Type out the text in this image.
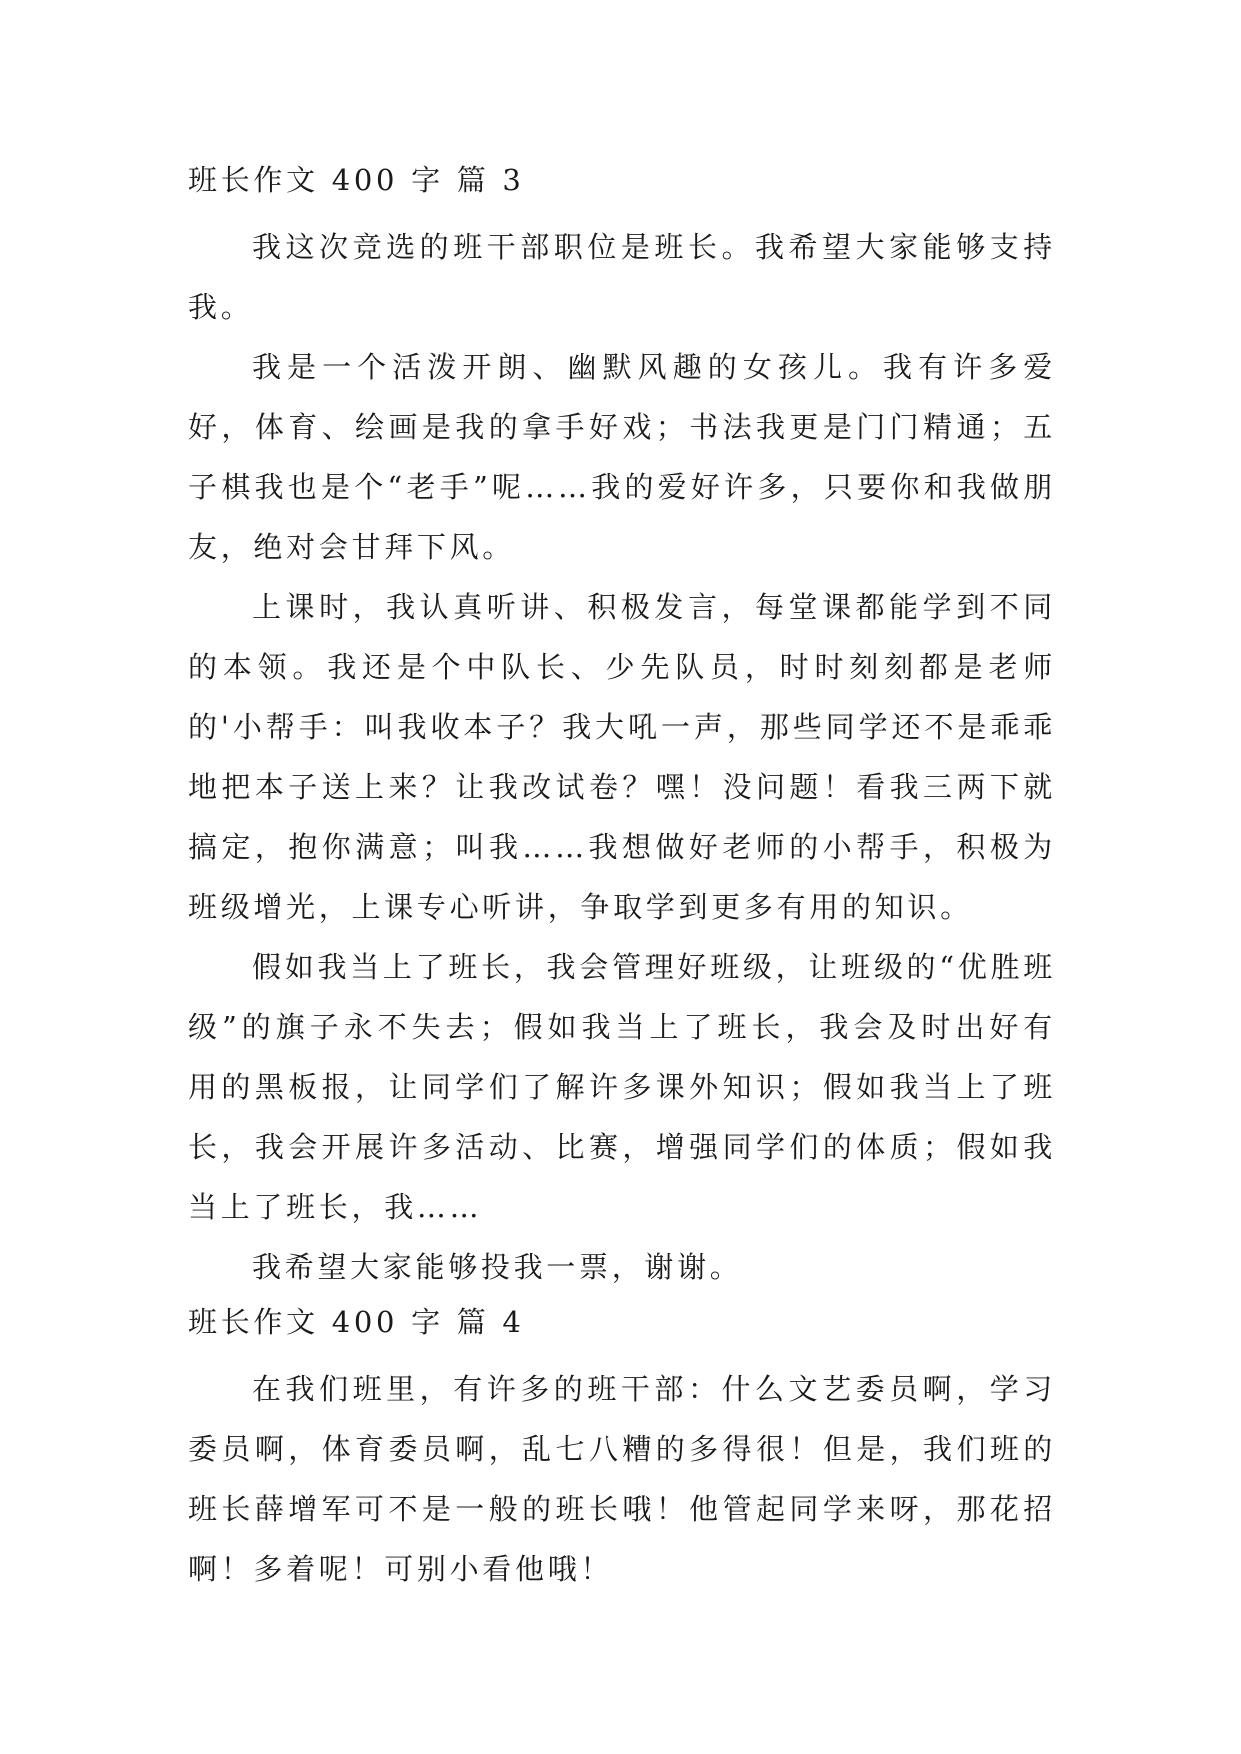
班长作文 400 字 篇 3

我这次竞选的班干部职位是班长。我希望大家能够支持我。

我是一个活泼开朗、幽默风趣的女孩儿。我有许多爱好，体育、绘画是我的拿手好戏；书法我更是门门精通；五子棋我也是个“老手”呢……我的爱好许多，只要你和我做朋友，绝对会甘拜下风。

上课时，我认真听讲、积极发言，每堂课都能学到不同的本领。我还是个中队长、少先队员，时时刻刻都是老师的'小帮手：叫我收本子？我大吼一声，那些同学还不是乖乖地把本子送上来？让我改试卷？嘿！没问题！看我三两下就搞定，抱你满意；叫我……我想做好老师的小帮手，积极为班级增光，上课专心听讲，争取学到更多有用的知识。

假如我当上了班长，我会管理好班级，让班级的“优胜班级”的旗子永不失去；假如我当上了班长，我会及时出好有用的黑板报，让同学们了解许多课外知识；假如我当上了班长，我会开展许多活动、比赛，增强同学们的体质；假如我当上了班长，我……

我希望大家能够投我一票，谢谢。

班长作文 400 字 篇 4

在我们班里，有许多的班干部：什么文艺委员啊，学习委员啊，体育委员啊，乱七八糟的多得很！但是，我们班的班长薛增军可不是一般的班长哦！他管起同学来呀，那花招啊！多着呢！可别小看他哦！
